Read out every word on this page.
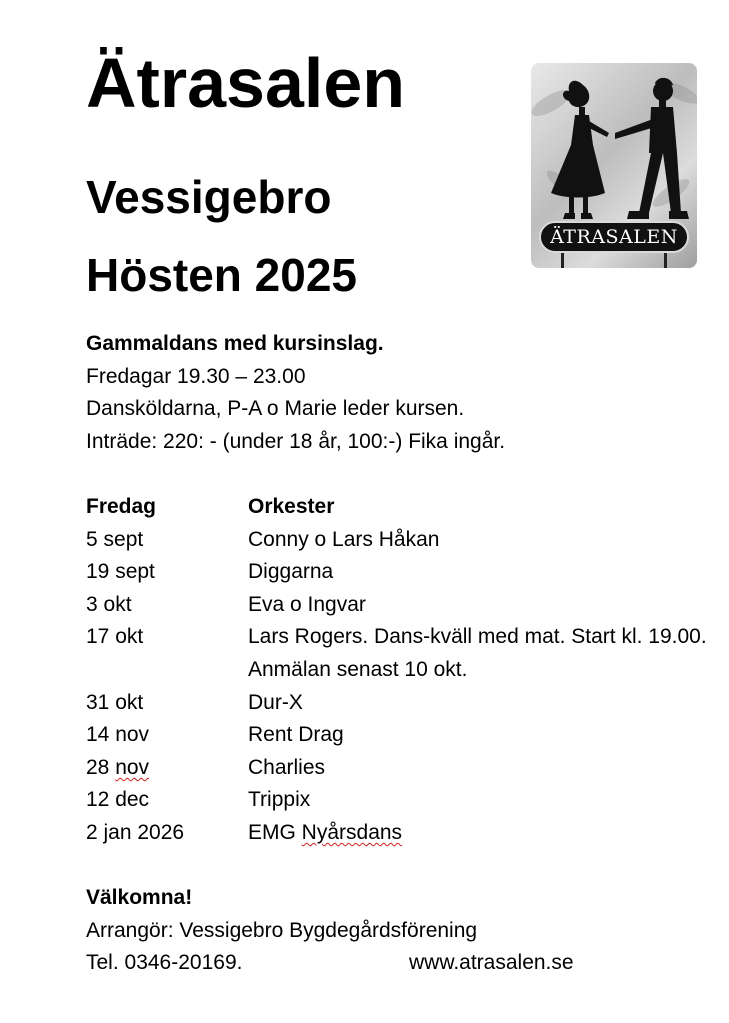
Ätrasalen
Vessigebro
Hösten 2025
ÄTRASALEN
Gammaldans med kursinslag.
Fredagar 19.30 – 23.00
Dansköldarna, P-A o Marie leder kursen.
Inträde: 220: - (under 18 år, 100:-) Fika ingår.
Fredag	Orkester
5 sept	Conny o Lars Håkan
19 sept	Diggarna
3 okt	Eva o Ingvar
17 okt	Lars Rogers. Dans-kväll med mat. Start kl. 19.00. Anmälan senast 10 okt.
31 okt	Dur-X
14 nov	Rent Drag
28 nov	Charlies
12 dec	Trippix
2 jan 2026	EMG Nyårsdans
Välkomna!
Arrangör: Vessigebro Bygdegårdsförening
Tel. 0346-20169.	www.atrasalen.se
